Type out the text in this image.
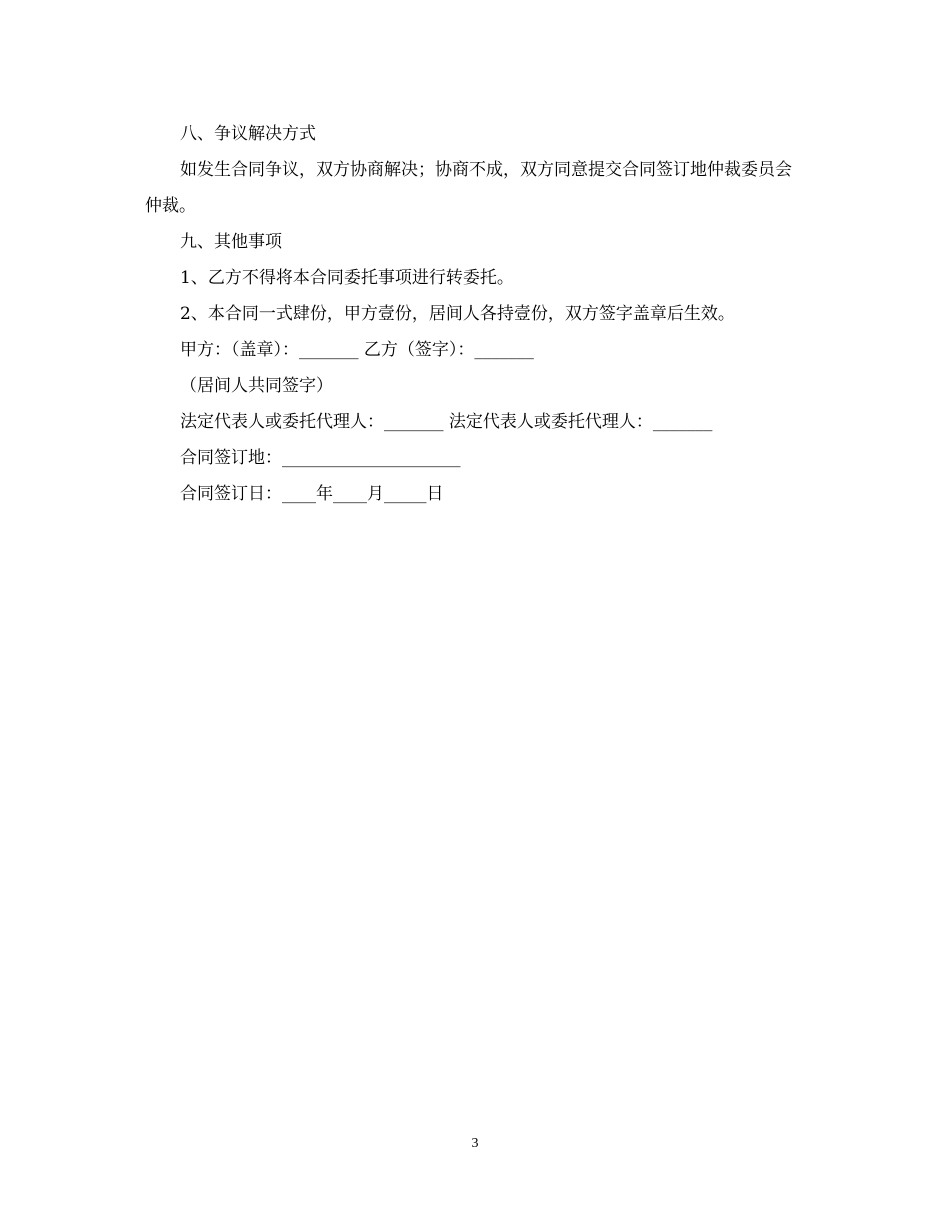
八、争议解决方式

如发生合同争议，双方协商解决；协商不成，双方同意提交合同签订地仲裁委员会仲裁。

九、其他事项

1、乙方不得将本合同委托事项进行转委托。

2、本合同一式肆份，甲方壹份，居间人各持壹份，双方签字盖章后生效。

甲方：（盖章）：_______ 乙方（签字）：_______

（居间人共同签字）

法定代表人或委托代理人：_______ 法定代表人或委托代理人：_______

合同签订地：_____________________

合同签订日：____年____月_____日

3
